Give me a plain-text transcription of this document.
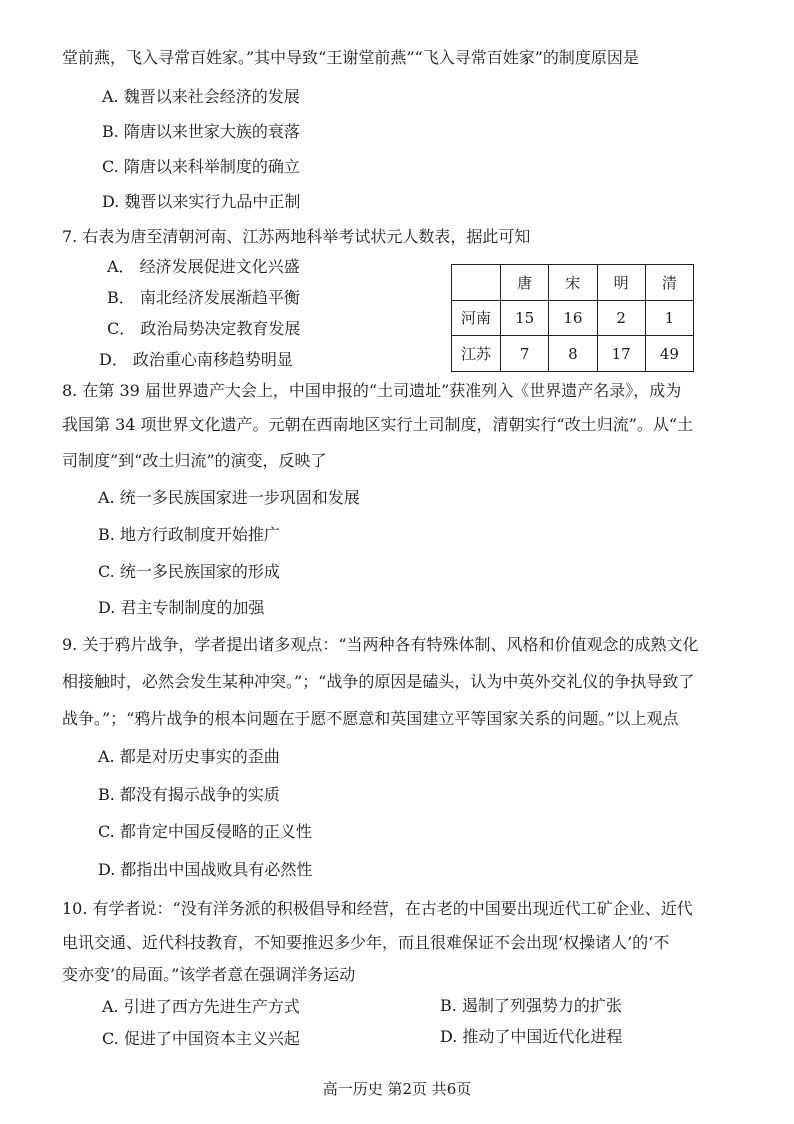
堂前燕，飞入寻常百姓家。”其中导致“王谢堂前燕”“飞入寻常百姓家”的制度原因是
A. 魏晋以来社会经济的发展
B. 隋唐以来世家大族的衰落
C. 隋唐以来科举制度的确立
D. 魏晋以来实行九品中正制
7. 右表为唐至清朝河南、江苏两地科举考试状元人数表，据此可知
A． 经济发展促进文化兴盛
B． 南北经济发展渐趋平衡
C． 政治局势决定教育发展
D． 政治重心南移趋势明显
	唐	宋	明	清
河南	15	16	2	1
江苏	7	8	17	49
8. 在第 39 届世界遗产大会上，中国申报的“土司遗址”获准列入《世界遗产名录》，成为
我国第 34 项世界文化遗产。元朝在西南地区实行土司制度，清朝实行“改土归流”。从“土
司制度”到“改土归流”的演变，反映了
A. 统一多民族国家进一步巩固和发展
B. 地方行政制度开始推广
C. 统一多民族国家的形成
D. 君主专制制度的加强
9. 关于鸦片战争，学者提出诸多观点：“当两种各有特殊体制、风格和价值观念的成熟文化
相接触时，必然会发生某种冲突。”；“战争的原因是磕头，认为中英外交礼仪的争执导致了
战争。”；“鸦片战争的根本问题在于愿不愿意和英国建立平等国家关系的问题。”以上观点
A. 都是对历史事实的歪曲
B. 都没有揭示战争的实质
C. 都肯定中国反侵略的正义性
D. 都指出中国战败具有必然性
10. 有学者说：“没有洋务派的积极倡导和经营，在古老的中国要出现近代工矿企业、近代
电讯交通、近代科技教育，不知要推迟多少年，而且很难保证不会出现‘权操诸人’的‘不
变亦变’的局面。”该学者意在强调洋务运动
A. 引进了西方先进生产方式	B. 遏制了列强势力的扩张
C. 促进了中国资本主义兴起	D. 推动了中国近代化进程
高一历史 第2页 共6页
